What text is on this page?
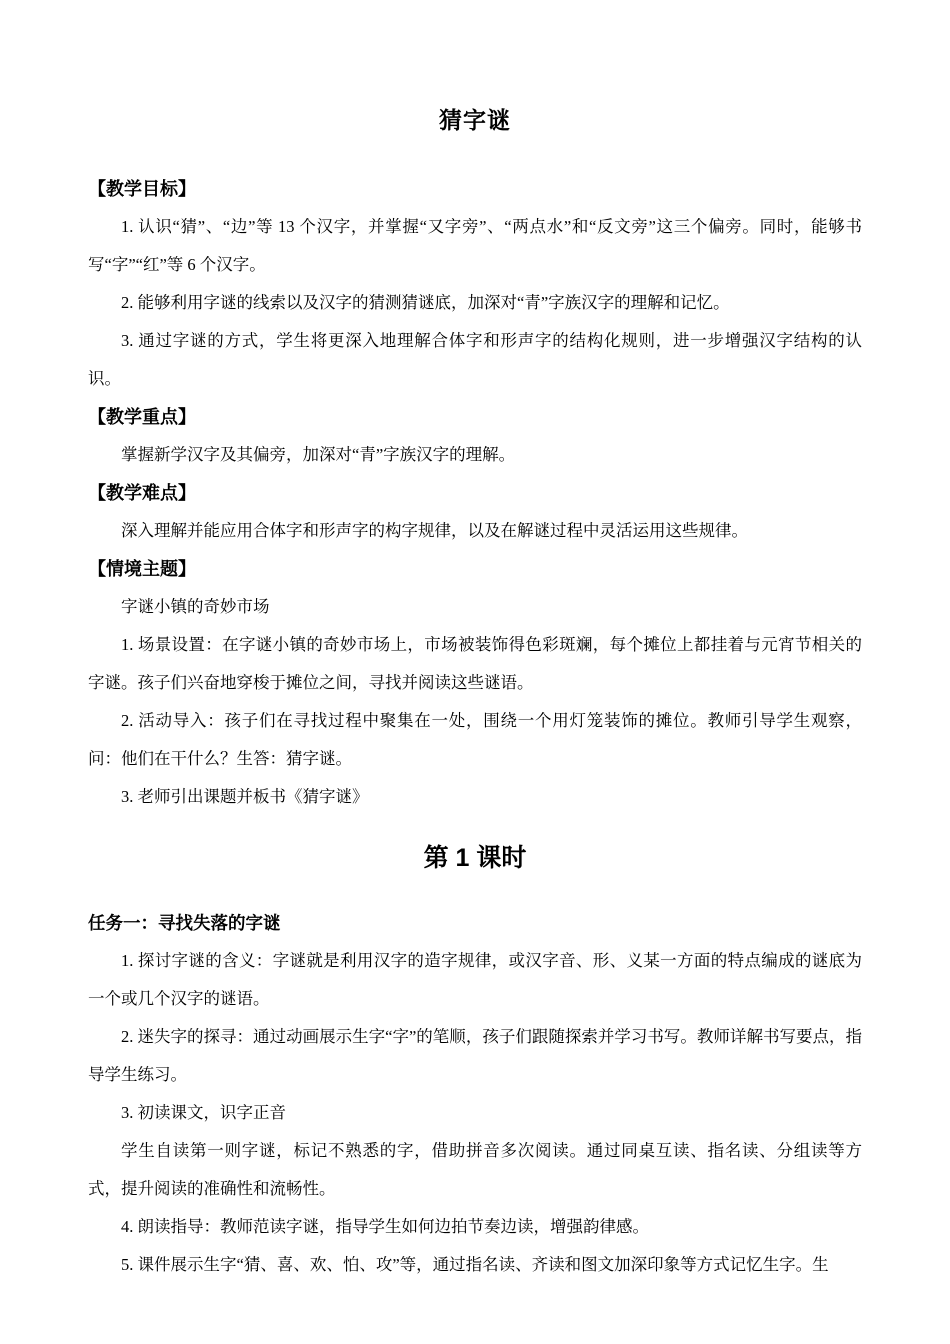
猜字谜
【教学目标】
1. 认识“猜”、“边”等 13 个汉字，并掌握“又字旁”、“两点水”和“反文旁”这三个偏旁。同时，能够书写“字”“红”等 6 个汉字。
2. 能够利用字谜的线索以及汉字的猜测猜谜底，加深对“青”字族汉字的理解和记忆。
3. 通过字谜的方式，学生将更深入地理解合体字和形声字的结构化规则，进一步增强汉字结构的认识。
【教学重点】
掌握新学汉字及其偏旁，加深对“青”字族汉字的理解。
【教学难点】
深入理解并能应用合体字和形声字的构字规律，以及在解谜过程中灵活运用这些规律。
【情境主题】
字谜小镇的奇妙市场
1. 场景设置：在字谜小镇的奇妙市场上，市场被装饰得色彩斑斓，每个摊位上都挂着与元宵节相关的字谜。孩子们兴奋地穿梭于摊位之间，寻找并阅读这些谜语。
2. 活动导入：孩子们在寻找过程中聚集在一处，围绕一个用灯笼装饰的摊位。教师引导学生观察，问：他们在干什么？生答：猜字谜。
3. 老师引出课题并板书《猜字谜》
第 1 课时
任务一：寻找失落的字谜
1. 探讨字谜的含义：字谜就是利用汉字的造字规律，或汉字音、形、义某一方面的特点编成的谜底为一个或几个汉字的谜语。
2. 迷失字的探寻：通过动画展示生字“字”的笔顺，孩子们跟随探索并学习书写。教师详解书写要点，指导学生练习。
3. 初读课文，识字正音
学生自读第一则字谜，标记不熟悉的字，借助拼音多次阅读。通过同桌互读、指名读、分组读等方式，提升阅读的准确性和流畅性。
4. 朗读指导：教师范读字谜，指导学生如何边拍节奏边读，增强韵律感。
5. 课件展示生字“猜、喜、欢、怕、攻”等，通过指名读、齐读和图文加深印象等方式记忆生字。生
